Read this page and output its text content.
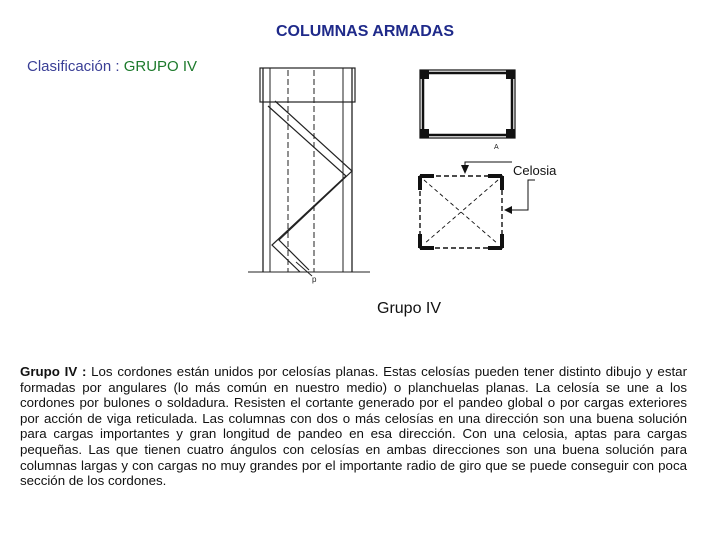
COLUMNAS ARMADAS
Clasificación : GRUPO IV
p
A
Celosia
Grupo IV
Grupo IV : Los cordones están unidos por celosías planas. Estas celosías pueden tener distinto dibujo y estar formadas por angulares (lo más común en nuestro medio) o planchuelas planas. La celosía se une a los cordones por bulones o soldadura. Resisten el cortante generado por el pandeo global o por cargas exteriores por acción de viga reticulada. Las columnas con dos o más celosías en una dirección son una buena solución para cargas importantes y gran longitud de pandeo en esa dirección. Con una celosia, aptas para cargas pequeñas. Las que tienen cuatro ángulos con celosías en ambas direcciones son una buena solución para columnas largas y con cargas no muy grandes por el importante radio de giro que se puede conseguir con poca sección de los cordones.
